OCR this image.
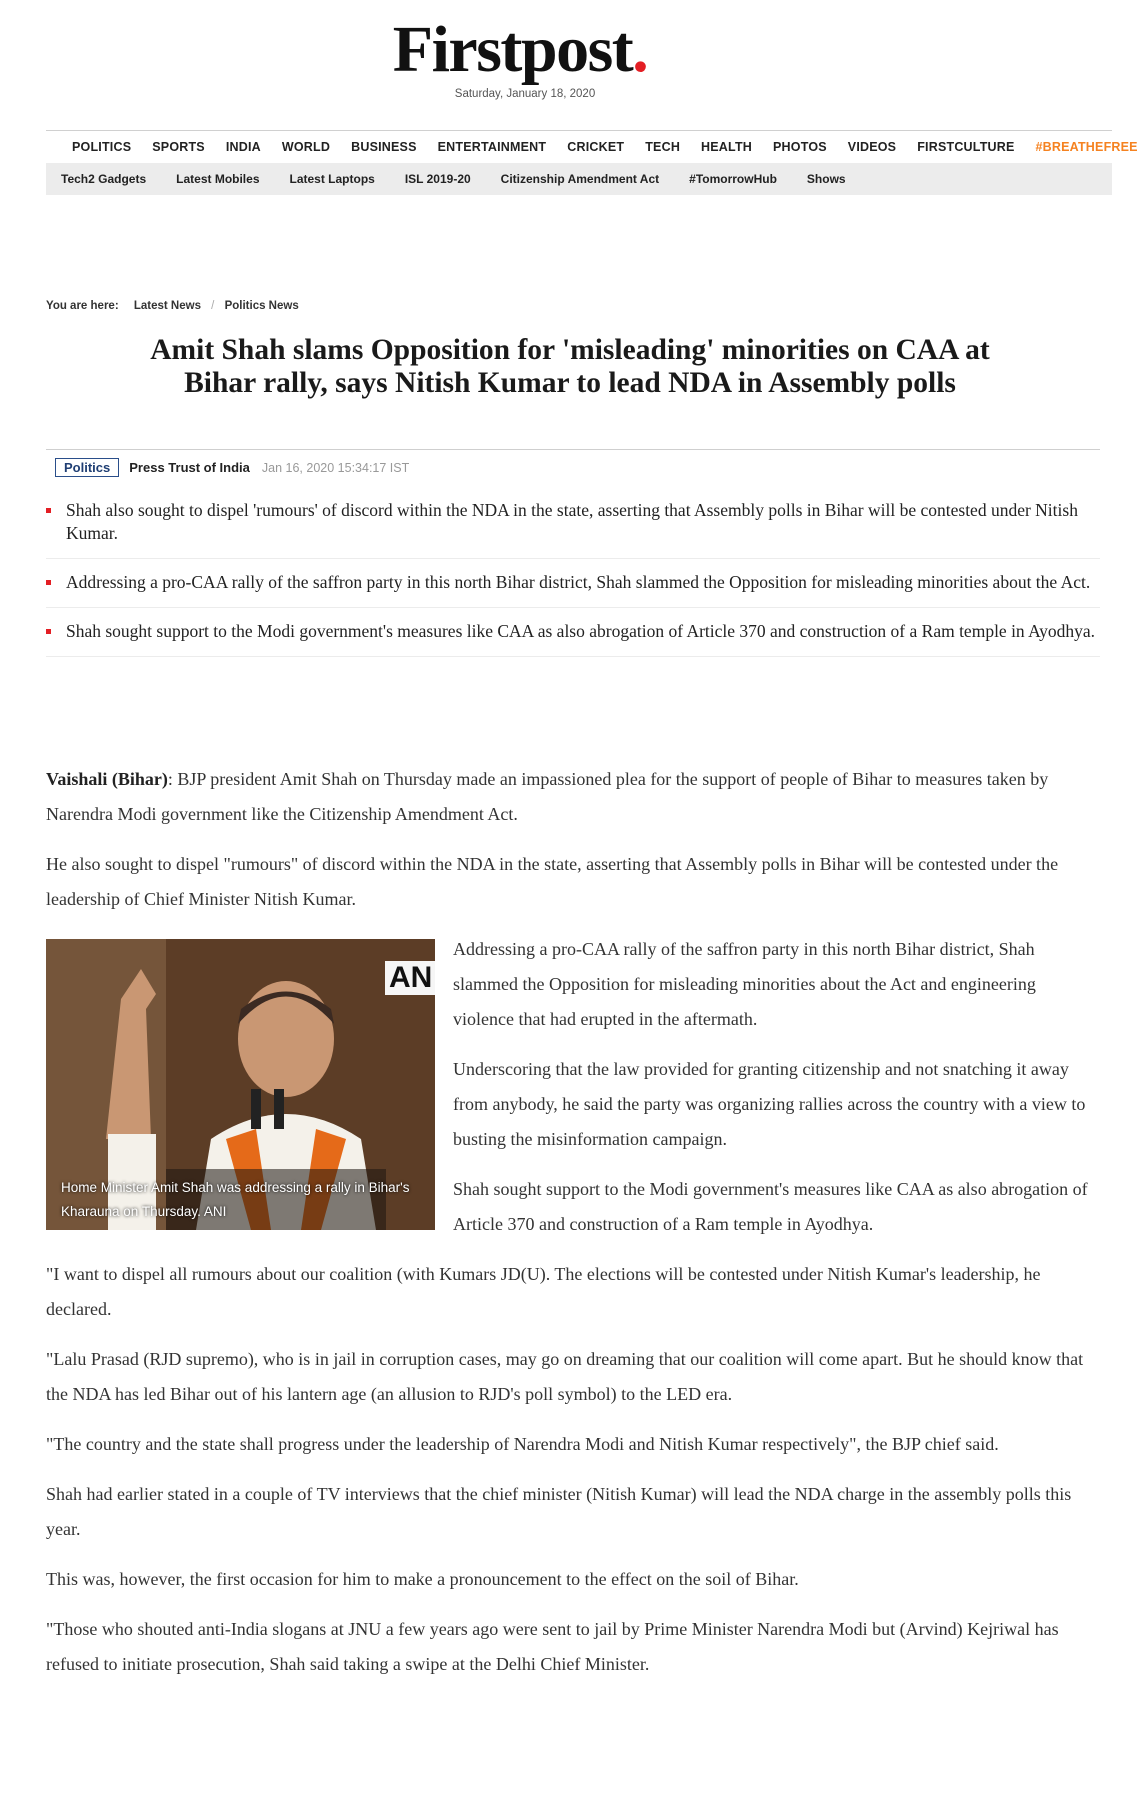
Firstpost.
Saturday, January 18, 2020
POLITICS SPORTS INDIA WORLD BUSINESS ENTERTAINMENT CRICKET TECH HEALTH PHOTOS VIDEOS FIRSTCULTURE #BREATHEFREE
Tech2 Gadgets	Latest Mobiles	Latest Laptops	ISL 2019-20	Citizenship Amendment Act	#TomorrowHub	Shows
You are here: Latest News / Politics News
Amit Shah slams Opposition for 'misleading' minorities on CAA at Bihar rally, says Nitish Kumar to lead NDA in Assembly polls
Politics	Press Trust of India Jan 16, 2020 15:34:17 IST
Shah also sought to dispel 'rumours' of discord within the NDA in the state, asserting that Assembly polls in Bihar will be contested under Nitish Kumar.
Addressing a pro-CAA rally of the saffron party in this north Bihar district, Shah slammed the Opposition for misleading minorities about the Act.
Shah sought support to the Modi government's measures like CAA as also abrogation of Article 370 and construction of a Ram temple in Ayodhya.

Vaishali (Bihar): BJP president Amit Shah on Thursday made an impassioned plea for the support of people of Bihar to measures taken by Narendra Modi government like the Citizenship Amendment Act.

He also sought to dispel "rumours" of discord within the NDA in the state, asserting that Assembly polls in Bihar will be contested under the leadership of Chief Minister Nitish Kumar.

AN
Home Minister Amit Shah was addressing a rally in Bihar's Kharauna on Thursday. ANI

Addressing a pro-CAA rally of the saffron party in this north Bihar district, Shah slammed the Opposition for misleading minorities about the Act and engineering violence that had erupted in the aftermath.

Underscoring that the law provided for granting citizenship and not snatching it away from anybody, he said the party was organizing rallies across the country with a view to busting the misinformation campaign.

Shah sought support to the Modi government's measures like CAA as also abrogation of Article 370 and construction of a Ram temple in Ayodhya.

"I want to dispel all rumours about our coalition (with Kumars JD(U). The elections will be contested under Nitish Kumar's leadership, he declared.

"Lalu Prasad (RJD supremo), who is in jail in corruption cases, may go on dreaming that our coalition will come apart. But he should know that the NDA has led Bihar out of his lantern age (an allusion to RJD's poll symbol) to the LED era.

"The country and the state shall progress under the leadership of Narendra Modi and Nitish Kumar respectively", the BJP chief said.

Shah had earlier stated in a couple of TV interviews that the chief minister (Nitish Kumar) will lead the NDA charge in the assembly polls this year.

This was, however, the first occasion for him to make a pronouncement to the effect on the soil of Bihar.

"Those who shouted anti-India slogans at JNU a few years ago were sent to jail by Prime Minister Narendra Modi but (Arvind) Kejriwal has refused to initiate prosecution, Shah said taking a swipe at the Delhi Chief Minister.
